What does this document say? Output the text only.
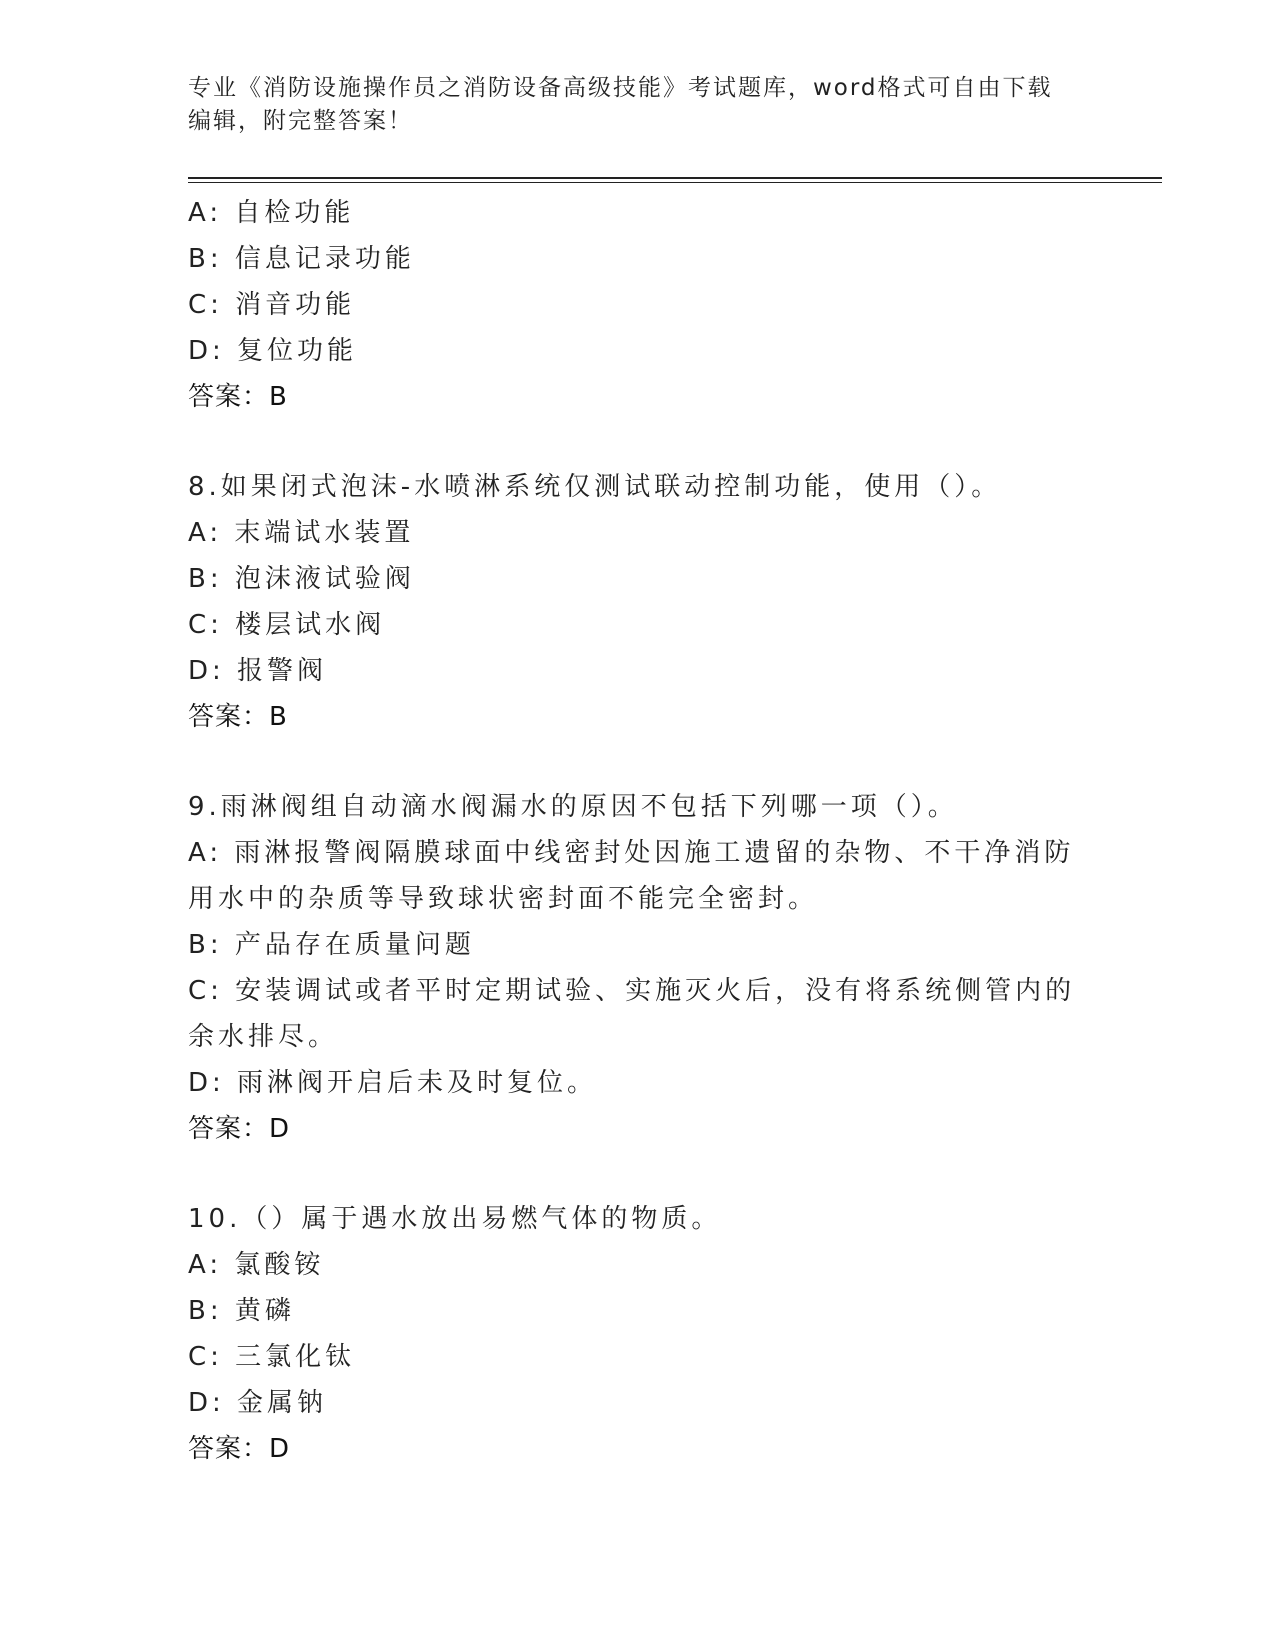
专业《消防设施操作员之消防设备高级技能》考试题库，word格式可自由下载编辑，附完整答案！
A: 自检功能
B: 信息记录功能
C: 消音功能
D: 复位功能
答案：B
8.如果闭式泡沫-水喷淋系统仅测试联动控制功能，使用（）。
A: 末端试水装置
B: 泡沫液试验阀
C: 楼层试水阀
D: 报警阀
答案：B
9.雨淋阀组自动滴水阀漏水的原因不包括下列哪一项（）。
A: 雨淋报警阀隔膜球面中线密封处因施工遗留的杂物、不干净消防用水中的杂质等导致球状密封面不能完全密封。
B: 产品存在质量问题
C: 安装调试或者平时定期试验、实施灭火后，没有将系统侧管内的余水排尽。
D: 雨淋阀开启后未及时复位。
答案：D
10.（）属于遇水放出易燃气体的物质。
A: 氯酸铵
B: 黄磷
C: 三氯化钛
D: 金属钠
答案：D
